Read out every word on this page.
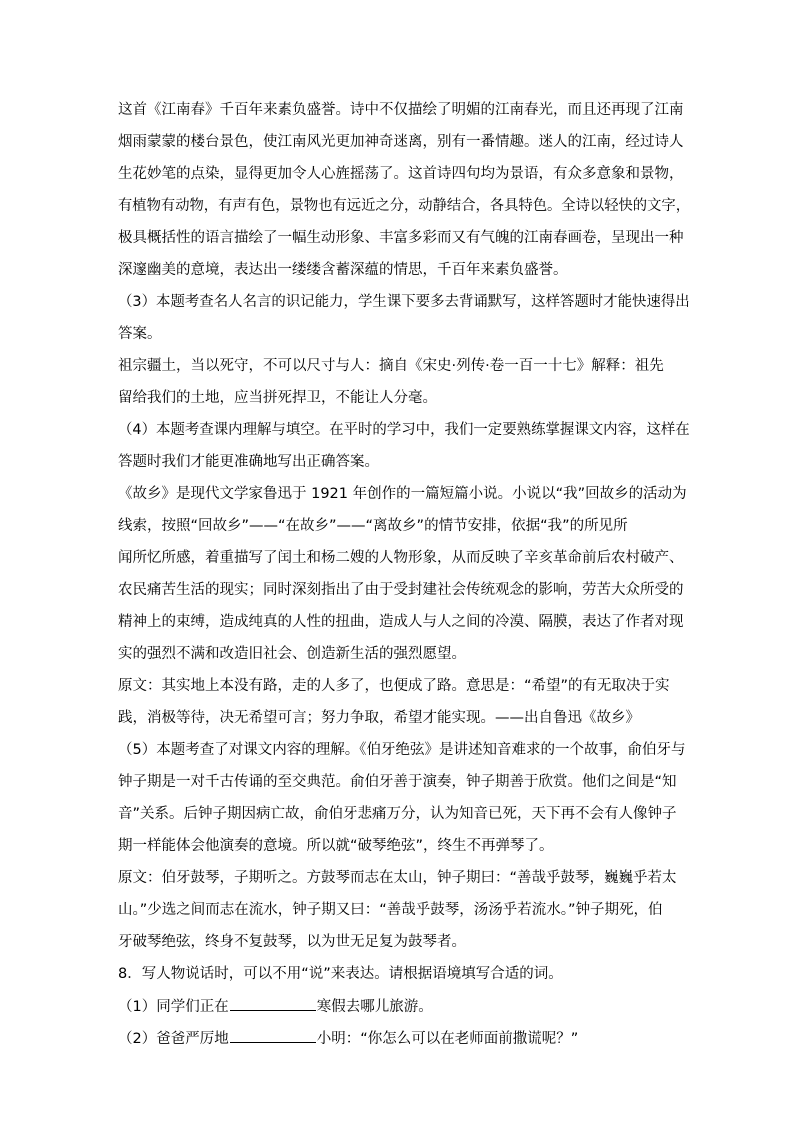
这首《江南春》千百年来素负盛誉。诗中不仅描绘了明媚的江南春光，而且还再现了江南
烟雨蒙蒙的楼台景色，使江南风光更加神奇迷离，别有一番情趣。迷人的江南，经过诗人
生花妙笔的点染，显得更加令人心旌摇荡了。这首诗四句均为景语，有众多意象和景物，
有植物有动物，有声有色，景物也有远近之分，动静结合，各具特色。全诗以轻快的文字，
极具概括性的语言描绘了一幅生动形象、丰富多彩而又有气魄的江南春画卷，呈现出一种
深邃幽美的意境，表达出一缕缕含蓄深蕴的情思，千百年来素负盛誉。
（3）本题考查名人名言的识记能力，学生课下要多去背诵默写，这样答题时才能快速得出
答案。
祖宗疆土，当以死守，不可以尺寸与人：摘自《宋史·列传·卷一百一十七》解释：祖先
留给我们的土地，应当拼死捍卫，不能让人分毫。
（4）本题考查课内理解与填空。在平时的学习中，我们一定要熟练掌握课文内容，这样在
答题时我们才能更准确地写出正确答案。
《故乡》是现代文学家鲁迅于 1921 年创作的一篇短篇小说。小说以“我”回故乡的活动为
线索，按照“回故乡”——“在故乡”——“离故乡”的情节安排，依据“我”的所见所
闻所忆所感，着重描写了闰土和杨二嫂的人物形象，从而反映了辛亥革命前后农村破产、
农民痛苦生活的现实；同时深刻指出了由于受封建社会传统观念的影响，劳苦大众所受的
精神上的束缚，造成纯真的人性的扭曲，造成人与人之间的冷漠、隔膜，表达了作者对现
实的强烈不满和改造旧社会、创造新生活的强烈愿望。
原文：其实地上本没有路，走的人多了，也便成了路。意思是：“希望”的有无取决于实
践，消极等待，决无希望可言；努力争取，希望才能实现。——出自鲁迅《故乡》
（5）本题考查了对课文内容的理解。《伯牙绝弦》是讲述知音难求的一个故事，俞伯牙与
钟子期是一对千古传诵的至交典范。俞伯牙善于演奏，钟子期善于欣赏。他们之间是“知
音”关系。后钟子期因病亡故，俞伯牙悲痛万分，认为知音已死，天下再不会有人像钟子
期一样能体会他演奏的意境。所以就“破琴绝弦”，终生不再弹琴了。
原文：伯牙鼓琴，子期听之。方鼓琴而志在太山，钟子期曰：“善哉乎鼓琴，巍巍乎若太
山。”少选之间而志在流水，钟子期又曰：“善哉乎鼓琴，汤汤乎若流水。”钟子期死，伯
牙破琴绝弦，终身不复鼓琴，以为世无足复为鼓琴者。
8．写人物说话时，可以不用“说”来表达。请根据语境填写合适的词。
（1）同学们正在	寒假去哪儿旅游。
（2）爸爸严厉地	小明：“你怎么可以在老师面前撒谎呢？”
